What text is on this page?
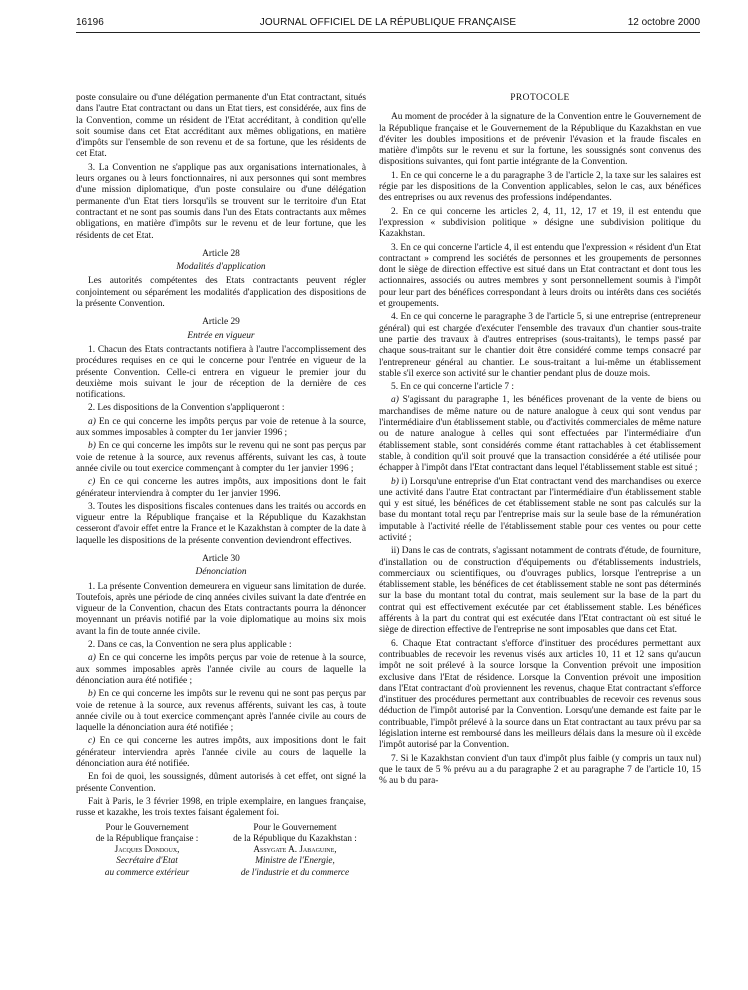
16196	JOURNAL OFFICIEL DE LA RÉPUBLIQUE FRANÇAISE	12 octobre 2000

poste consulaire ou d'une délégation permanente d'un Etat contractant, situés dans l'autre Etat contractant ou dans un Etat tiers, est considérée, aux fins de la Convention, comme un résident de l'Etat accréditant, à condition qu'elle soit soumise dans cet Etat accréditant aux mêmes obligations, en matière d'impôts sur l'ensemble de son revenu et de sa fortune, que les résidents de cet Etat.

3. La Convention ne s'applique pas aux organisations internationales, à leurs organes ou à leurs fonctionnaires, ni aux personnes qui sont membres d'une mission diplomatique, d'un poste consulaire ou d'une délégation permanente d'un Etat tiers lorsqu'ils se trouvent sur le territoire d'un Etat contractant et ne sont pas soumis dans l'un des Etats contractants aux mêmes obligations, en matière d'impôts sur le revenu et de leur fortune, que les résidents de cet Etat.

Article 28

Modalités d'application

Les autorités compétentes des Etats contractants peuvent régler conjointement ou séparément les modalités d'application des dispositions de la présente Convention.

Article 29

Entrée en vigueur

1. Chacun des Etats contractants notifiera à l'autre l'accomplissement des procédures requises en ce qui le concerne pour l'entrée en vigueur de la présente Convention. Celle-ci entrera en vigueur le premier jour du deuxième mois suivant le jour de réception de la dernière de ces notifications.

2. Les dispositions de la Convention s'appliqueront :

a) En ce qui concerne les impôts perçus par voie de retenue à la source, aux sommes imposables à compter du 1er janvier 1996 ;

b) En ce qui concerne les impôts sur le revenu qui ne sont pas perçus par voie de retenue à la source, aux revenus afférents, suivant les cas, à toute année civile ou tout exercice commençant à compter du 1er janvier 1996 ;

c) En ce qui concerne les autres impôts, aux impositions dont le fait générateur interviendra à compter du 1er janvier 1996.

3. Toutes les dispositions fiscales contenues dans les traités ou accords en vigueur entre la République française et la République du Kazakhstan cesseront d'avoir effet entre la France et le Kazakhstan à compter de la date à laquelle les dispositions de la présente convention deviendront effectives.

Article 30

Dénonciation

1. La présente Convention demeurera en vigueur sans limitation de durée. Toutefois, après une période de cinq années civiles suivant la date d'entrée en vigueur de la Convention, chacun des Etats contractants pourra la dénoncer moyennant un préavis notifié par la voie diplomatique au moins six mois avant la fin de toute année civile.

2. Dans ce cas, la Convention ne sera plus applicable :

a) En ce qui concerne les impôts perçus par voie de retenue à la source, aux sommes imposables après l'année civile au cours de laquelle la dénonciation aura été notifiée ;

b) En ce qui concerne les impôts sur le revenu qui ne sont pas perçus par voie de retenue à la source, aux revenus afférents, suivant les cas, à toute année civile ou à tout exercice commençant après l'année civile au cours de laquelle la dénonciation aura été notifiée ;

c) En ce qui concerne les autres impôts, aux impositions dont le fait générateur interviendra après l'année civile au cours de laquelle la dénonciation aura été notifiée.

En foi de quoi, les soussignés, dûment autorisés à cet effet, ont signé la présente Convention.

Fait à Paris, le 3 février 1998, en triple exemplaire, en langues française, russe et kazakhe, les trois textes faisant également foi.

Pour le Gouvernement
de la République française :
Jacques Dondoux,
Secrétaire d'Etat
au commerce extérieur
Pour le Gouvernement
de la République du Kazakhstan :
Assygate A. Jabaguine,
Ministre de l'Energie,
de l'industrie et du commerce

PROTOCOLE

Au moment de procéder à la signature de la Convention entre le Gouvernement de la République française et le Gouvernement de la République du Kazakhstan en vue d'éviter les doubles impositions et de prévenir l'évasion et la fraude fiscales en matière d'impôts sur le revenu et sur la fortune, les soussignés sont convenus des dispositions suivantes, qui font partie intégrante de la Convention.

1. En ce qui concerne le a du paragraphe 3 de l'article 2, la taxe sur les salaires est régie par les dispositions de la Convention applicables, selon le cas, aux bénéfices des entreprises ou aux revenus des professions indépendantes.

2. En ce qui concerne les articles 2, 4, 11, 12, 17 et 19, il est entendu que l'expression « subdivision politique » désigne une subdivision politique du Kazakhstan.

3. En ce qui concerne l'article 4, il est entendu que l'expression « résident d'un Etat contractant » comprend les sociétés de personnes et les groupements de personnes dont le siège de direction effective est situé dans un Etat contractant et dont tous les actionnaires, associés ou autres membres y sont personnellement soumis à l'impôt pour leur part des bénéfices correspondant à leurs droits ou intérêts dans ces sociétés et groupements.

4. En ce qui concerne le paragraphe 3 de l'article 5, si une entreprise (entrepreneur général) qui est chargée d'exécuter l'ensemble des travaux d'un chantier sous-traite une partie des travaux à d'autres entreprises (sous-traitants), le temps passé par chaque sous-traitant sur le chantier doit être considéré comme temps consacré par l'entrepreneur général au chantier. Le sous-traitant a lui-même un établissement stable s'il exerce son activité sur le chantier pendant plus de douze mois.

5. En ce qui concerne l'article 7 :

a) S'agissant du paragraphe 1, les bénéfices provenant de la vente de biens ou marchandises de même nature ou de nature analogue à ceux qui sont vendus par l'intermédiaire d'un établissement stable, ou d'activités commerciales de même nature ou de nature analogue à celles qui sont effectuées par l'intermédiaire d'un établissement stable, sont considérés comme étant rattachables à cet établissement stable, à condition qu'il soit prouvé que la transaction considérée a été utilisée pour échapper à l'impôt dans l'Etat contractant dans lequel l'établissement stable est situé ;

b) i) Lorsqu'une entreprise d'un Etat contractant vend des marchandises ou exerce une activité dans l'autre Etat contractant par l'intermédiaire d'un établissement stable qui y est situé, les bénéfices de cet établissement stable ne sont pas calculés sur la base du montant total reçu par l'entreprise mais sur la seule base de la rémunération imputable à l'activité réelle de l'établissement stable pour ces ventes ou pour cette activité ;

ii) Dans le cas de contrats, s'agissant notamment de contrats d'étude, de fourniture, d'installation ou de construction d'équipements ou d'établissements industriels, commerciaux ou scientifiques, ou d'ouvrages publics, lorsque l'entreprise a un établissement stable, les bénéfices de cet établissement stable ne sont pas déterminés sur la base du montant total du contrat, mais seulement sur la base de la part du contrat qui est effectivement exécutée par cet établissement stable. Les bénéfices afférents à la part du contrat qui est exécutée dans l'Etat contractant où est situé le siège de direction effective de l'entreprise ne sont imposables que dans cet Etat.

6. Chaque Etat contractant s'efforce d'instituer des procédures permettant aux contribuables de recevoir les revenus visés aux articles 10, 11 et 12 sans qu'aucun impôt ne soit prélevé à la source lorsque la Convention prévoit une imposition exclusive dans l'Etat de résidence. Lorsque la Convention prévoit une imposition dans l'Etat contractant d'où proviennent les revenus, chaque Etat contractant s'efforce d'instituer des procédures permettant aux contribuables de recevoir ces revenus sous déduction de l'impôt autorisé par la Convention. Lorsqu'une demande est faite par le contribuable, l'impôt prélevé à la source dans un Etat contractant au taux prévu par sa législation interne est remboursé dans les meilleurs délais dans la mesure où il excède l'impôt autorisé par la Convention.

7. Si le Kazakhstan convient d'un taux d'impôt plus faible (y compris un taux nul) que le taux de 5 % prévu au a du paragraphe 2 et au paragraphe 7 de l'article 10, 15 % au b du para-
